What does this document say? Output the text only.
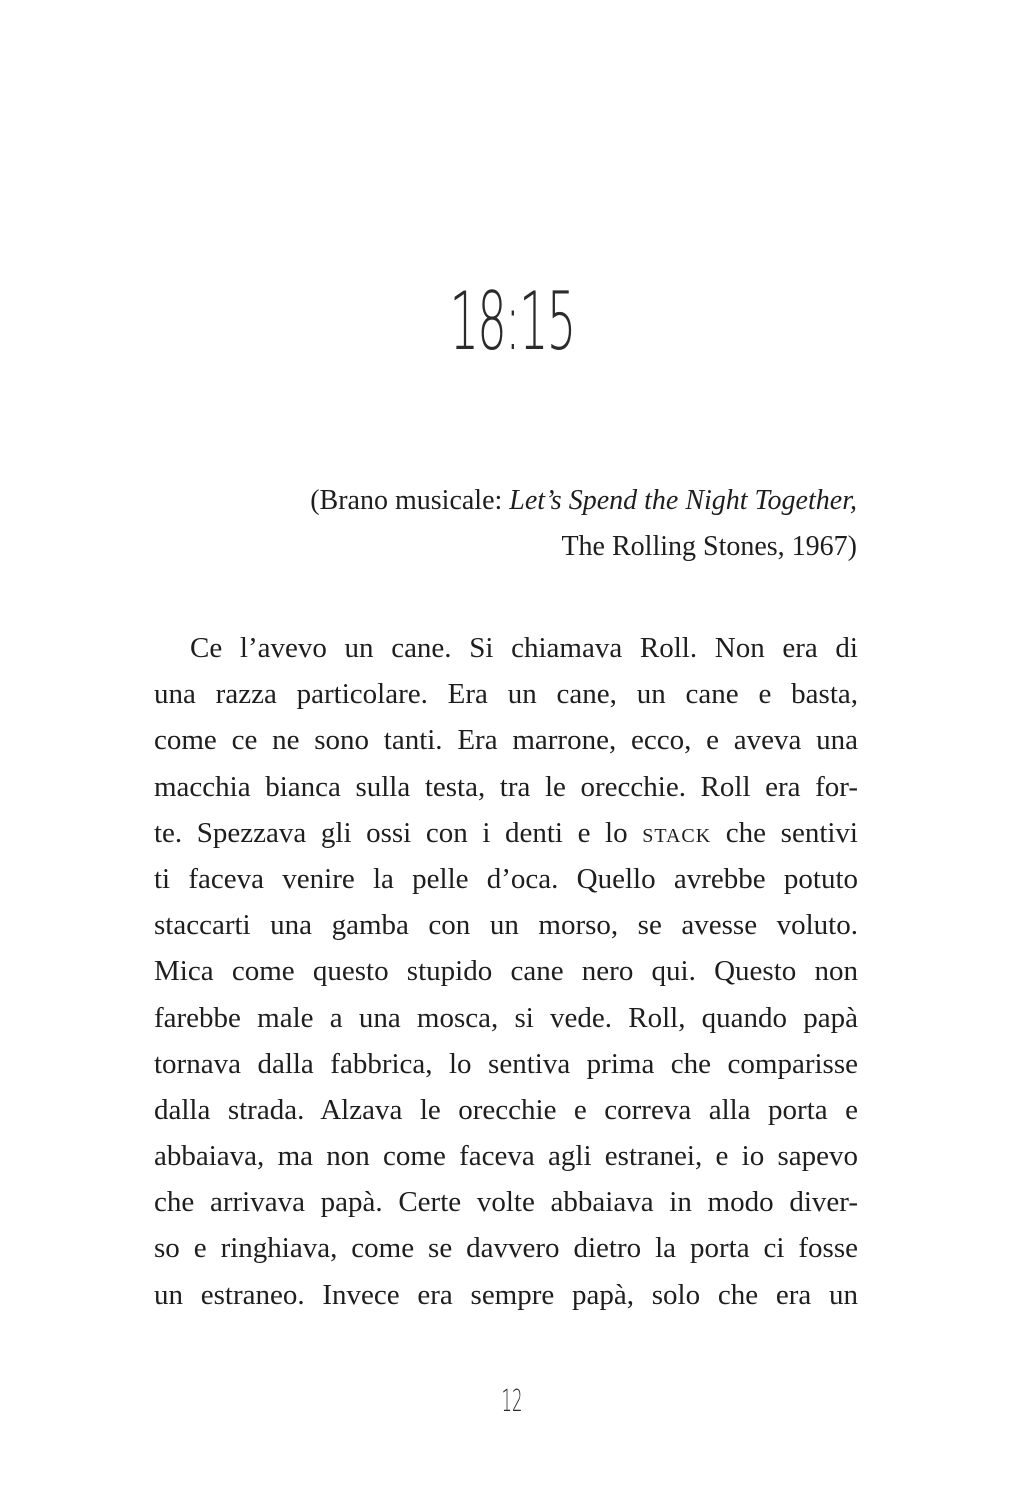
18:15
(Brano musicale: Let’s Spend the Night Together,
The Rolling Stones, 1967)
Ce l’avevo un cane. Si chiamava Roll. Non era di
una razza particolare. Era un cane, un cane e basta,
come ce ne sono tanti. Era marrone, ecco, e aveva una
macchia bianca sulla testa, tra le orecchie. Roll era for-
te. Spezzava gli ossi con i denti e lo stack che sentivi
ti faceva venire la pelle d’oca. Quello avrebbe potuto
staccarti una gamba con un morso, se avesse voluto.
Mica come questo stupido cane nero qui. Questo non
farebbe male a una mosca, si vede. Roll, quando papà
tornava dalla fabbrica, lo sentiva prima che comparisse
dalla strada. Alzava le orecchie e correva alla porta e
abbaiava, ma non come faceva agli estranei, e io sapevo
che arrivava papà. Certe volte abbaiava in modo diver-
so e ringhiava, come se davvero dietro la porta ci fosse
un estraneo. Invece era sempre papà, solo che era un
12
